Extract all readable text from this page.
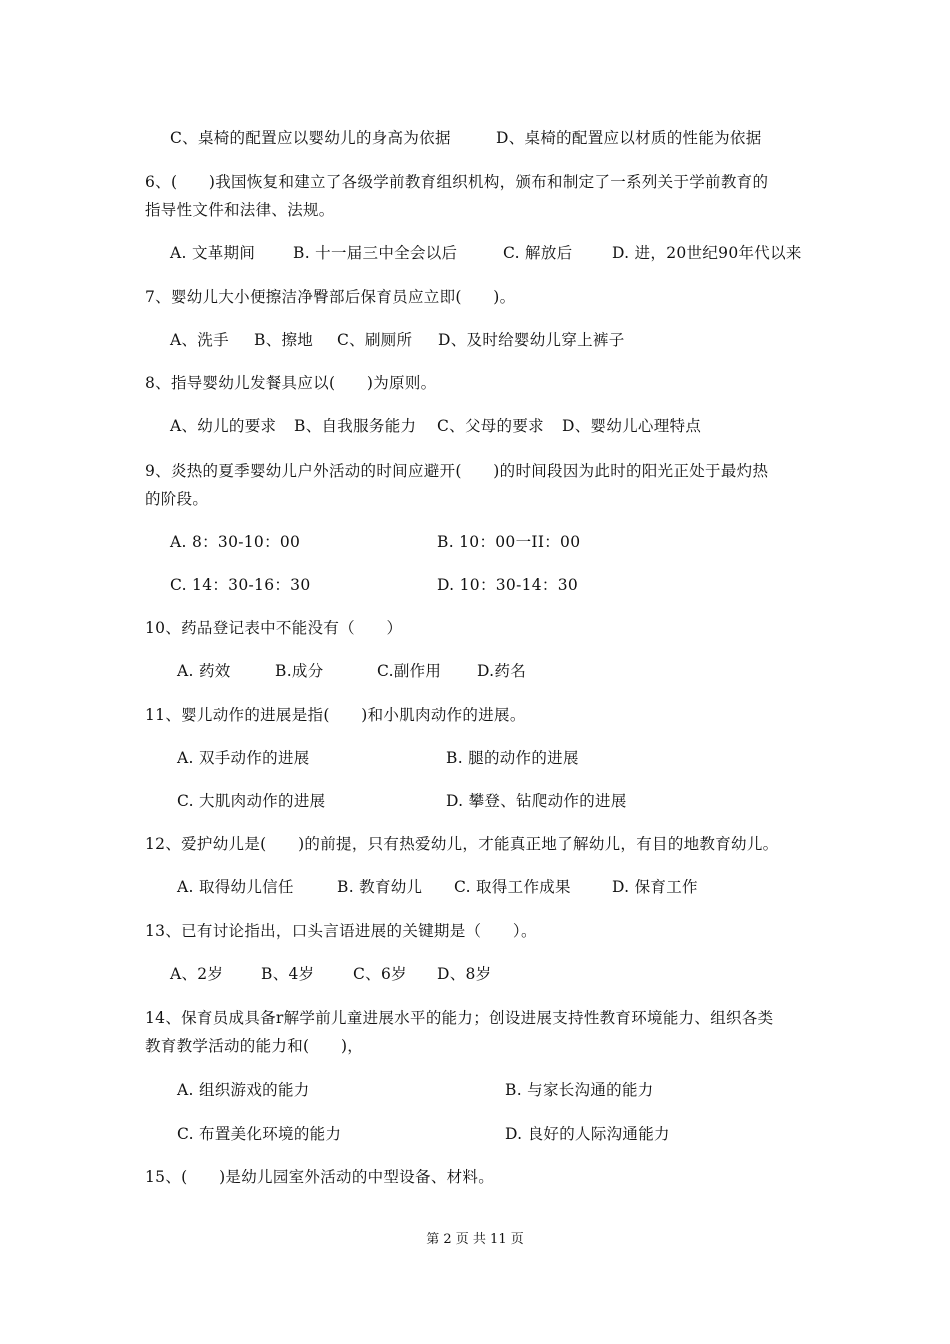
C、桌椅的配置应以婴幼儿的身高为依据	D、桌椅的配置应以材质的性能为依据
6、(　　)我国恢复和建立了各级学前教育组织机构，颁布和制定了一系列关于学前教育的
指导性文件和法律、法规。
A. 文革期间 B. 十一届三中全会以后	C. 解放后	D. 进，20世纪90年代以来
7、婴幼儿大小便擦洁净臀部后保育员应立即(　　)。
A、洗手 B、擦地 C、刷厕所 D、及时给婴幼儿穿上裤子
8、指导婴幼儿发餐具应以(　　)为原则。
A、幼儿的要求 B、自我服务能力 C、父母的要求 D、婴幼儿心理特点
9、炎热的夏季婴幼儿户外活动的时间应避开(　　)的时间段因为此时的阳光正处于最灼热
的阶段。
A. 8：30-10：00	B. 10：00一II：00
C. 14：30-16：30	D. 10：30-14：30
10、药品登记表中不能没有（　　）
A. 药效	B.成分	C.副作用 D.药名
11、婴儿动作的进展是指(　　)和小肌肉动作的进展。
A. 双手动作的进展	B. 腿的动作的进展
C. 大肌肉动作的进展	D. 攀登、钻爬动作的进展
12、爱护幼儿是(　　)的前提，只有热爱幼儿，才能真正地了解幼儿，有目的地教育幼儿。
A. 取得幼儿信任	B. 教育幼儿 C. 取得工作成果	D. 保育工作
13、已有讨论指出，口头言语进展的关键期是（　　）。
A、2岁 B、4岁 C、6岁 D、8岁
14、保育员成具备r解学前儿童进展水平的能力；创设进展支持性教育环境能力、组织各类
教育教学活动的能力和(　　)，
A. 组织游戏的能力	B. 与家长沟通的能力
C. 布置美化环境的能力	D. 良好的人际沟通能力
15、(　　)是幼儿园室外活动的中型设备、材料。
第 2 页 共 11 页
